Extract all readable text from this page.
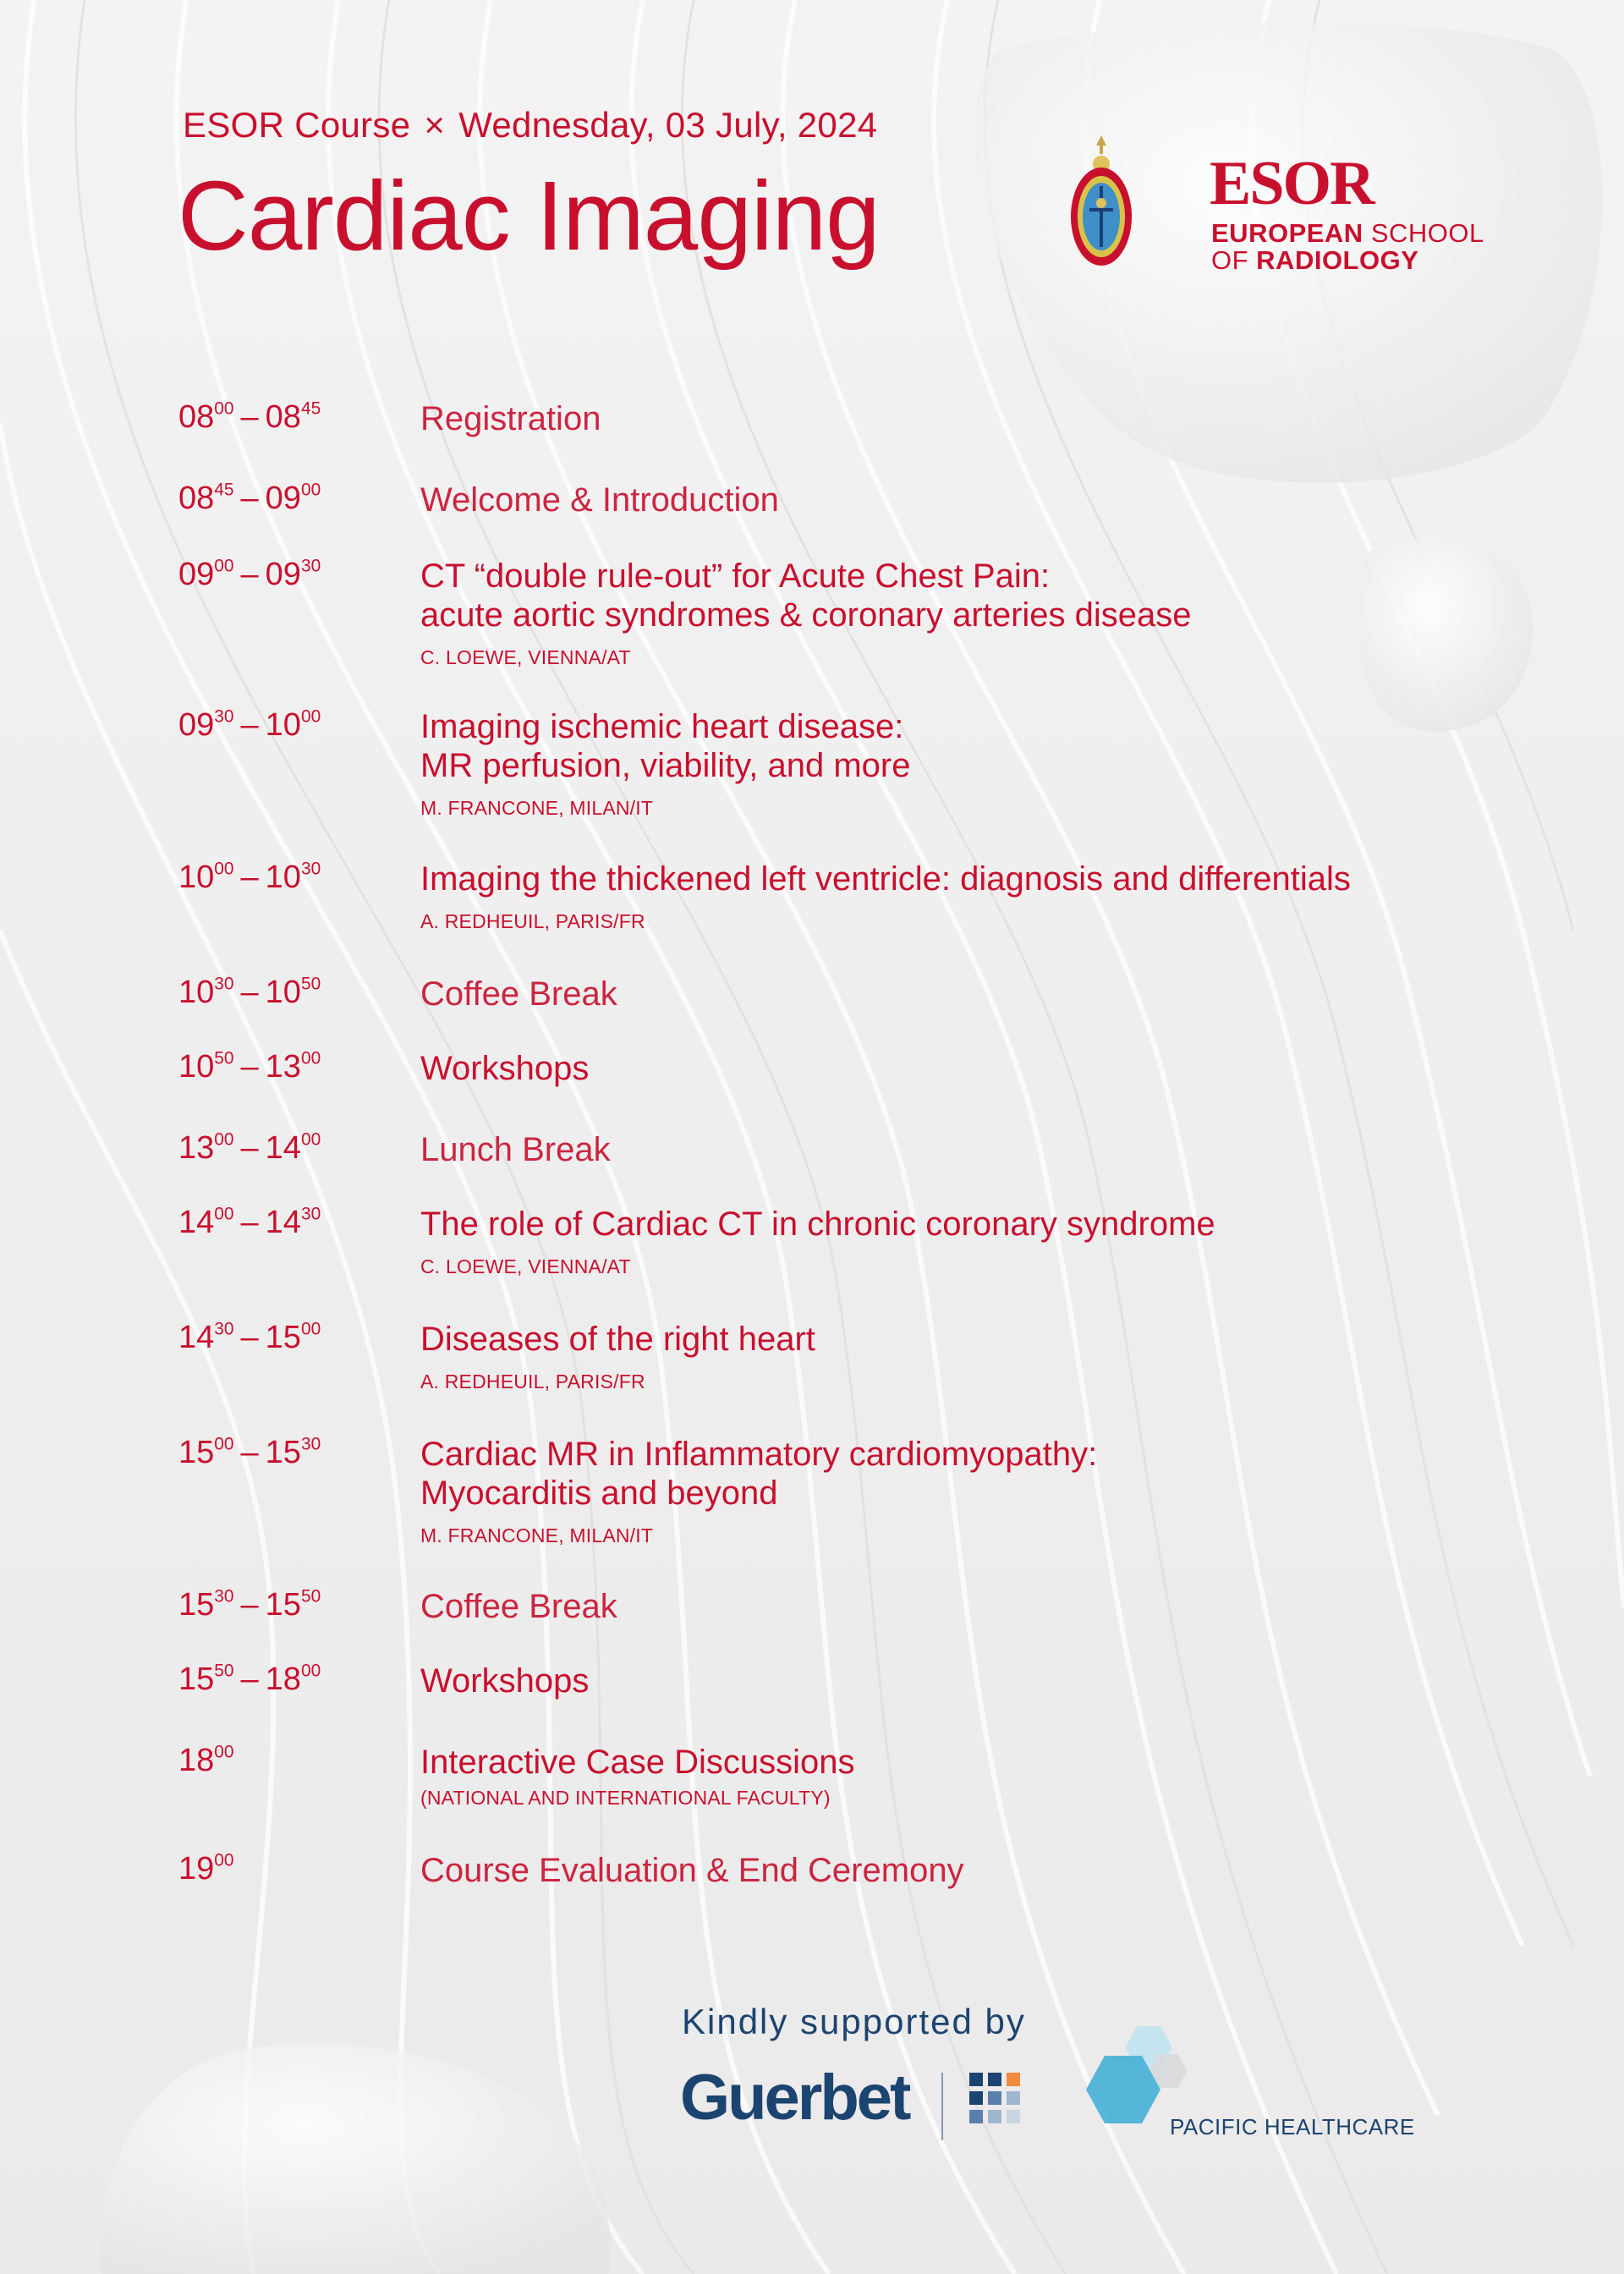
ESOR Course × Wednesday, 03 July, 2024
Cardiac Imaging	ESOR
EUROPEAN SCHOOL
OF RADIOLOGY
$08^{00} - 08^{45}$	Registration
$08^{45} - 09^{00}$	Welcome & Introduction
$09^{00} - 09^{30}$	CT “double rule-out” for Acute Chest Pain:
acute aortic syndromes & coronary arteries disease
C. LOEWE, VIENNA/AT
$09^{30} - 10^{00}$	Imaging ischemic heart disease:
MR perfusion, viability, and more
M. FRANCONE, MILAN/IT
$10^{00} - 10^{30}$	Imaging the thickened left ventricle: diagnosis and differentials
A. REDHEUIL, PARIS/FR
$10^{30} - 10^{50}$	Coffee Break
$10^{50} - 13^{00}$	Workshops
$13^{00} - 14^{00}$	Lunch Break
$14^{00} - 14^{30}$	The role of Cardiac CT in chronic coronary syndrome
C. LOEWE, VIENNA/AT
$14^{30} - 15^{00}$	Diseases of the right heart
A. REDHEUIL, PARIS/FR
$15^{00} - 15^{30}$	Cardiac MR in Inflammatory cardiomyopathy:
Myocarditis and beyond
M. FRANCONE, MILAN/IT
$15^{30} - 15^{50}$	Coffee Break
$15^{50} - 18^{00}$	Workshops
$18^{00}$	Interactive Case Discussions
(NATIONAL AND INTERNATIONAL FACULTY)
$19^{00}$	Course Evaluation & End Ceremony
Kindly supported by
Guerbet	PACIFIC HEALTHCARE
